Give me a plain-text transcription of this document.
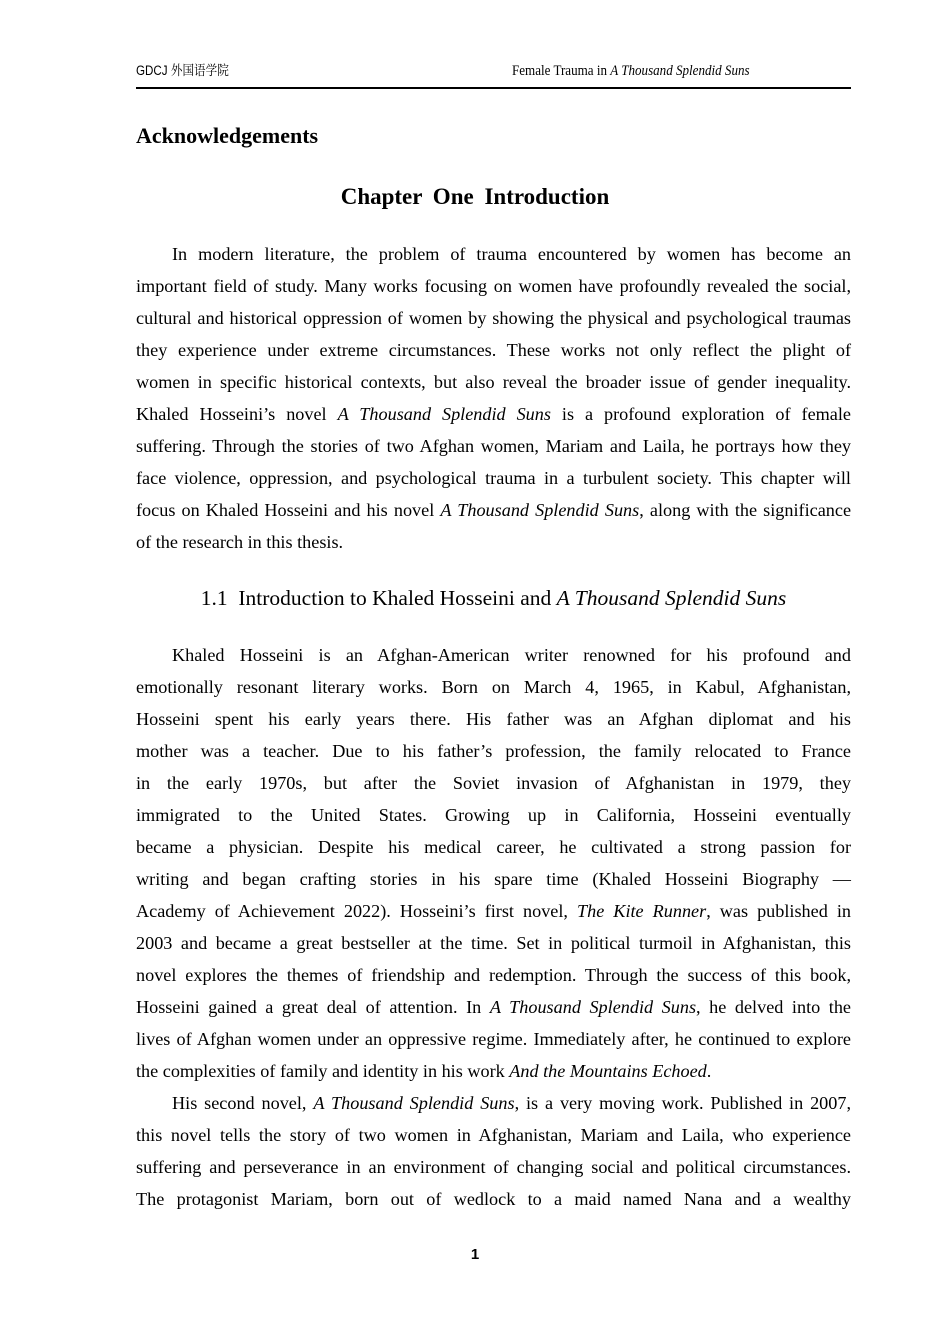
GDCJ 外国语学院	Female Trauma in A Thousand Splendid Suns
Acknowledgements
Chapter One Introduction
In modern literature, the problem of trauma encountered by women has become an
important field of study. Many works focusing on women have profoundly revealed the social,
cultural and historical oppression of women by showing the physical and psychological traumas
they experience under extreme circumstances. These works not only reflect the plight of
women in specific historical contexts, but also reveal the broader issue of gender inequality.
Khaled Hosseini’s novel A Thousand Splendid Suns is a profound exploration of female
suffering. Through the stories of two Afghan women, Mariam and Laila, he portrays how they
face violence, oppression, and psychological trauma in a turbulent society. This chapter will
focus on Khaled Hosseini and his novel A Thousand Splendid Suns, along with the significance
of the research in this thesis.
1.1 Introduction to Khaled Hosseini and A Thousand Splendid Suns
Khaled Hosseini is an Afghan-American writer renowned for his profound and
emotionally resonant literary works. Born on March 4, 1965, in Kabul, Afghanistan,
Hosseini spent his early years there. His father was an Afghan diplomat and his
mother was a teacher. Due to his father’s profession, the family relocated to France
in the early 1970s, but after the Soviet invasion of Afghanistan in 1979, they
immigrated to the United States. Growing up in California, Hosseini eventually
became a physician. Despite his medical career, he cultivated a strong passion for
writing and began crafting stories in his spare time (Khaled Hosseini Biography —
Academy of Achievement 2022). Hosseini’s first novel, The Kite Runner, was published in
2003 and became a great bestseller at the time. Set in political turmoil in Afghanistan, this
novel explores the themes of friendship and redemption. Through the success of this book,
Hosseini gained a great deal of attention. In A Thousand Splendid Suns, he delved into the
lives of Afghan women under an oppressive regime. Immediately after, he continued to explore
the complexities of family and identity in his work And the Mountains Echoed.
His second novel, A Thousand Splendid Suns, is a very moving work. Published in 2007,
this novel tells the story of two women in Afghanistan, Mariam and Laila, who experience
suffering and perseverance in an environment of changing social and political circumstances.
The protagonist Mariam, born out of wedlock to a maid named Nana and a wealthy
1
